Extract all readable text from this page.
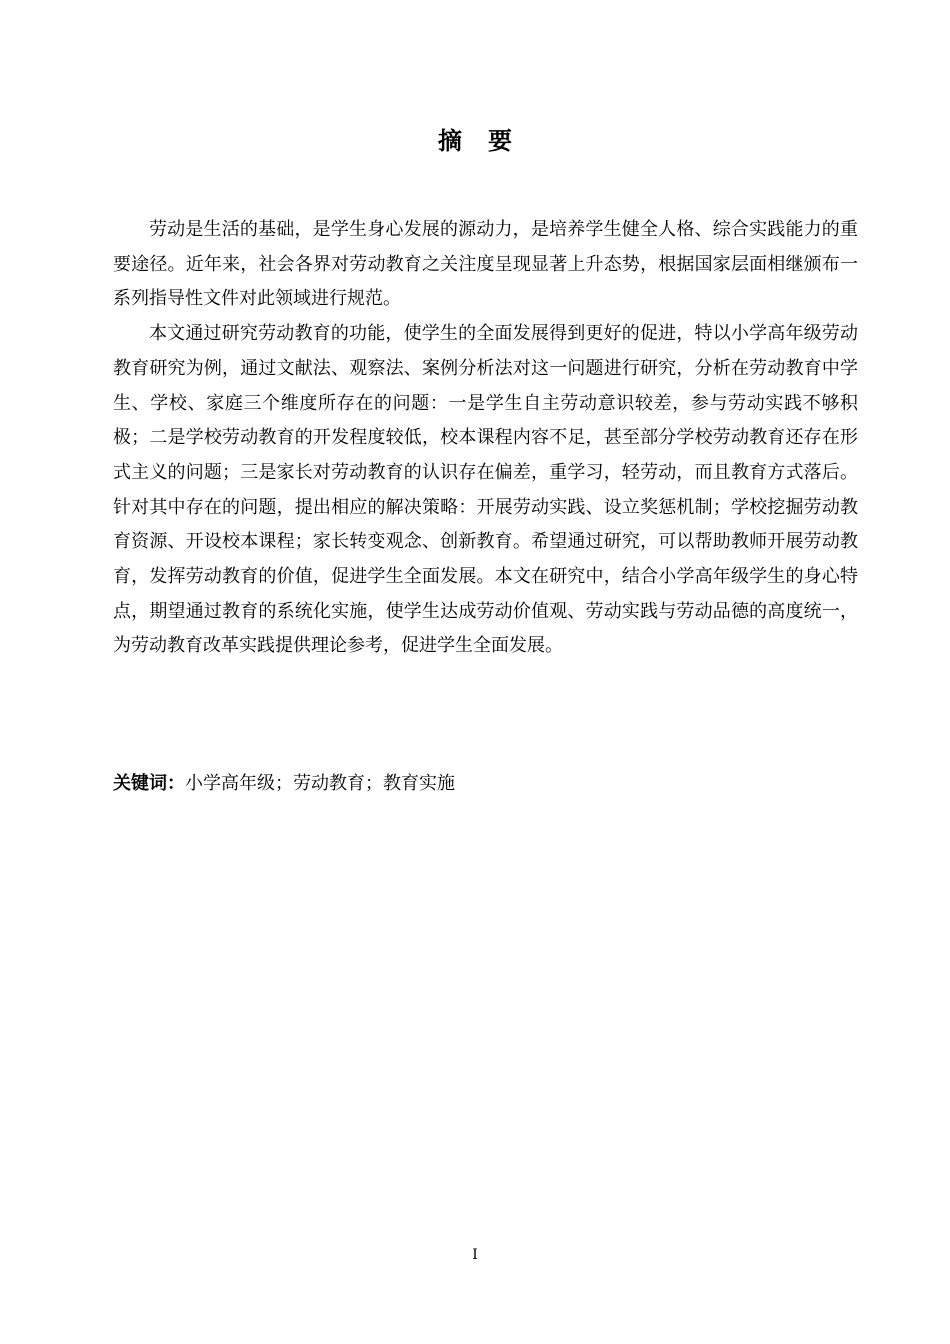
摘 要

劳动是生活的基础，是学生身心发展的源动力，是培养学生健全人格、综合实践能力的重要途径。近年来，社会各界对劳动教育之关注度呈现显著上升态势，根据国家层面相继颁布一系列指导性文件对此领域进行规范。

本文通过研究劳动教育的功能，使学生的全面发展得到更好的促进，特以小学高年级劳动教育研究为例，通过文献法、观察法、案例分析法对这一问题进行研究，分析在劳动教育中学生、学校、家庭三个维度所存在的问题：一是学生自主劳动意识较差，参与劳动实践不够积极；二是学校劳动教育的开发程度较低，校本课程内容不足，甚至部分学校劳动教育还存在形式主义的问题；三是家长对劳动教育的认识存在偏差，重学习，轻劳动，而且教育方式落后。针对其中存在的问题，提出相应的解决策略：开展劳动实践、设立奖惩机制；学校挖掘劳动教育资源、开设校本课程；家长转变观念、创新教育。希望通过研究，可以帮助教师开展劳动教育，发挥劳动教育的价值，促进学生全面发展。本文在研究中，结合小学高年级学生的身心特点，期望通过教育的系统化实施，使学生达成劳动价值观、劳动实践与劳动品德的高度统一，为劳动教育改革实践提供理论参考，促进学生全面发展。

关键词：小学高年级；劳动教育；教育实施
I
